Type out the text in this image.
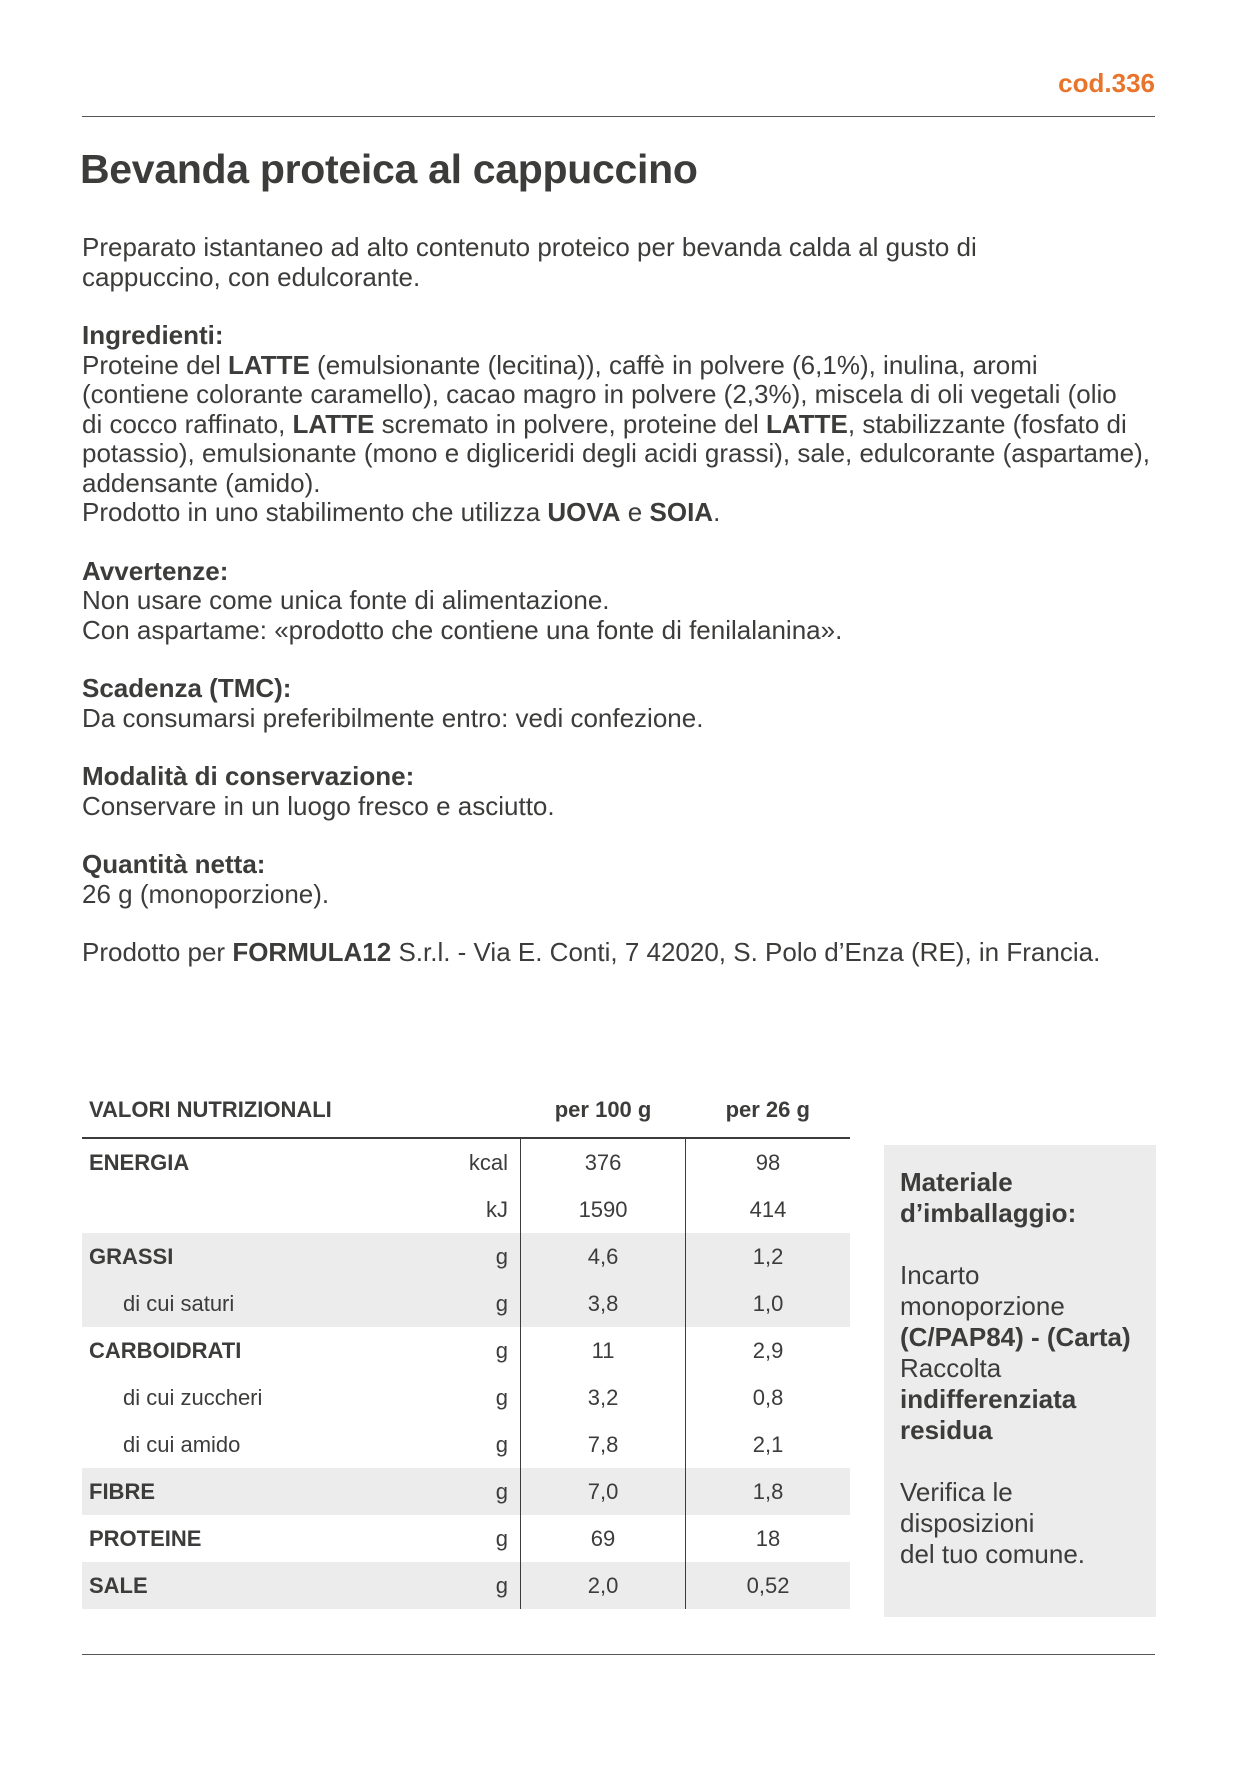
cod.336
Bevanda proteica al cappuccino

Preparato istantaneo ad alto contenuto proteico per bevanda calda al gusto di

cappuccino, con edulcorante.

Ingredienti:

Proteine del LATTE (emulsionante (lecitina)), caffè in polvere (6,1%), inulina, aromi

(contiene colorante caramello), cacao magro in polvere (2,3%), miscela di oli vegetali (olio

di cocco raffinato, LATTE scremato in polvere, proteine del LATTE, stabilizzante (fosfato di

potassio), emulsionante (mono e digliceridi degli acidi grassi), sale, edulcorante (aspartame),

addensante (amido).

Prodotto in uno stabilimento che utilizza UOVA e SOIA.

Avvertenze:

Non usare come unica fonte di alimentazione.

Con aspartame: «prodotto che contiene una fonte di fenilalanina».

Scadenza (TMC):

Da consumarsi preferibilmente entro: vedi confezione.

Modalità di conservazione:

Conservare in un luogo fresco e asciutto.

Quantità netta:

26 g (monoporzione).

Prodotto per FORMULA12 S.r.l. - Via E. Conti, 7 42020, S. Polo d’Enza (RE), in Francia.

VALORI NUTRIZIONALI		per 100 g	per 26 g
ENERGIA	kcal	376	98
	kJ	1590	414
GRASSI	g	4,6	1,2
di cui saturi	g	3,8	1,0
CARBOIDRATI	g	11	2,9
di cui zuccheri	g	3,2	0,8
di cui amido	g	7,8	2,1
FIBRE	g	7,0	1,8
PROTEINE	g	69	18
SALE	g	2,0	0,52

Materiale

d’imballaggio:

Incarto

monoporzione

(C/PAP84) - (Carta)

Raccolta

indifferenziata

residua

Verifica le

disposizioni

del tuo comune.
